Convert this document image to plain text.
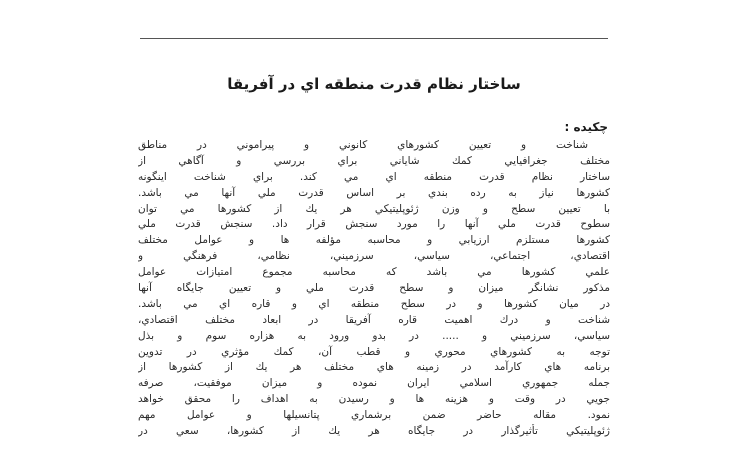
ساختار نظام قدرت منطقه اي در آفريقا
چكيده :
شناخت و تعيين كشورهاي كانوني و پيراموني در مناطق
مختلف جغرافيايي كمك شاياني براي بررسي و آگاهي از
ساختار نظام قدرت منطقه اي مي كند. براي شناخت اينگونه
كشورها نياز به رده بندي بر اساس قدرت ملي آنها مي باشد.
با تعيين سطح و وزن ژئوپليتيكي هر يك از كشورها مي توان
سطوح قدرت ملي آنها را مورد سنجش قرار داد. سنجش قدرت ملي
كشورها مستلزم ارزيابي و محاسبه مؤلفه ها و عوامل مختلف
اقتصادي، اجتماعي، سياسي، سرزميني، نظامي، فرهنگي و
علمي كشورها مي باشد كه محاسبه مجموع امتيازات عوامل
مذكور نشانگر ميزان و سطح قدرت ملي و تعيين جايگاه آنها
در ميان كشورها و در سطح منطقه اي و قاره اي مي باشد.
شناخت و درك اهميت قاره آفريقا در ابعاد مختلف اقتصادي،
سياسي، سرزميني و ..... در بدو ورود به هزاره سوم و بذل
توجه به كشورهاي محوري و قطب آن، كمك مؤثري در تدوين
برنامه هاي كارآمد در زمينه هاي مختلف هر يك از كشورها از
جمله جمهوري اسلامي ايران نموده و ميزان موفقيت، صرفه
جويي در وقت و هزينه ها و رسيدن به اهداف را محقق خواهد
نمود. مقاله حاضر ضمن برشماري پتانسيلها و عوامل مهم
ژئوپليتيكي تأثيرگذار در جايگاه هر يك از كشورها، سعي در
